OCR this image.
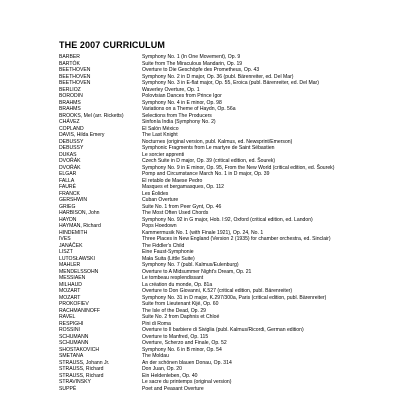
THE 2007 CURRICULUM
BARBER	Symphony No. 1 (In One Movement), Op. 9
BARTÓK	Suite from The Miraculous Mandarin, Op. 19
BEETHOVEN	Overture to Die Geschöpfe des Prometheus, Op. 43
BEETHOVEN	Symphony No. 2 in D major, Op. 36 (publ. Bärenreiter, ed. Del Mar)
BEETHOVEN	Symphony No. 3 in E-flat major, Op. 55, Eroica (publ. Bärenreiter, ed. Del Mar)
BERLIOZ	Waverley Overture, Op. 1
BORODIN	Polovtsian Dances from Prince Igor
BRAHMS	Symphony No. 4 in E minor, Op. 98
BRAHMS	Variations on a Theme of Haydn, Op. 56a
BROOKS, Mel (arr. Ricketts)	Selections from The Producers
CHÁVEZ	Sinfonía India (Symphony No. 2)
COPLAND	El Salón México
DAVIS, Hilda Emery	The Last Knight
DEBUSSY	Nocturnes (original version, publ. Kalmus, ed. Newsprint/Emerson)
DEBUSSY	Symphonic Fragments from Le martyre de Saint Sébastien
DUKAS	Le sorcier apprenti
DVOŘÁK	Czech Suite in D major, Op. 39 (critical edition, ed. Šourek)
DVOŘÁK	Symphony No. 9 in E minor, Op. 95, From the New World (critical edition, ed. Šourek)
ELGAR	Pomp and Circumstance March No. 1 in D major, Op. 39
FALLA	El retablo de Maese Pedro
FAURÉ	Masques et bergamasques, Op. 112
FRANCK	Les Éolides
GERSHWIN	Cuban Overture
GRIEG	Suite No. 1 from Peer Gynt, Op. 46
HARBISON, John	The Most Often Used Chords
HAYDN	Symphony No. 92 in G major, Hob. I:92, Oxford (critical edition, ed. Landon)
HAYMAN, Richard	Pops Hoedown
HINDEMITH	Kammermusik No. 1 (with Finale 1921), Op. 24, No. 1
IVES	Three Places in New England (Version 2 (1935) for chamber orchestra, ed. Sinclair)
JANÁČEK	The Fiddler's Child
LISZT	Eine Faust-Symphonie
LUTOSŁAWSKI	Mała Suita (Little Suite)
MAHLER	Symphony No. 7 (publ. Kalmus/Eulenburg)
MENDELSSOHN	Overture to A Midsummer Night's Dream, Op. 21
MESSIAEN	Le tombeau resplendissant
MILHAUD	La création du monde, Op. 81a
MOZART	Overture to Don Giovanni, K.527 (critical edition, publ. Bärenreiter)
MOZART	Symphony No. 31 in D major, K.297/300a, Paris (critical edition, publ. Bärenreiter)
PROKOFIEV	Suite from Lieutenant Kijé, Op. 60
RACHMANINOFF	The Isle of the Dead, Op. 29
RAVEL	Suite No. 2 from Daphnis et Chloé
RESPIGHI	Pini di Roma
ROSSINI	Overture to Il barbiere di Siviglia (publ. Kalmus/Ricordi, German edition)
SCHUMANN	Overture to Manfred, Op. 115
SCHUMANN	Overture, Scherzo and Finale, Op. 52
SHOSTAKOVICH	Symphony No. 6 in B minor, Op. 54
SMETANA	The Moldau
STRAUSS, Johann Jr.	An der schönen blauen Donau, Op. 314
STRAUSS, Richard	Don Juan, Op. 20
STRAUSS, Richard	Ein Heldenleben, Op. 40
STRAVINSKY	Le sacre du printemps (original version)
SUPPÉ	Poet and Peasant Overture
